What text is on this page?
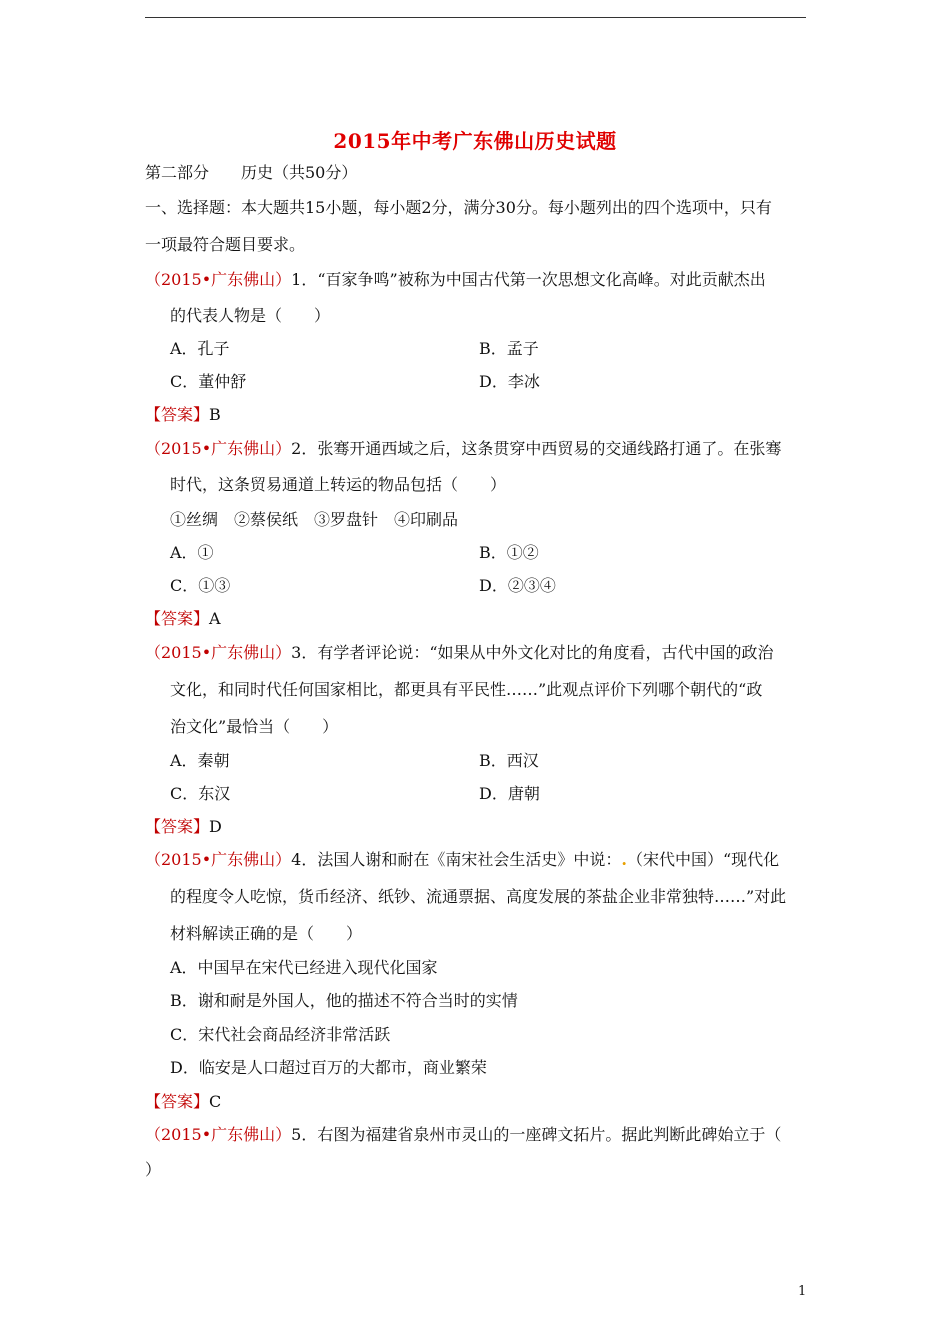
2015年中考广东佛山历史试题
第二部分　　历史（共50分）
一、选择题：本大题共15小题，每小题2分，满分30分。每小题列出的四个选项中，只有
一项最符合题目要求。
（2015•广东佛山）1．“百家争鸣”被称为中国古代第一次思想文化高峰。对此贡献杰出
的代表人物是（　　）
A．孔子	B．孟子
C．董仲舒	D．李冰
【答案】B
（2015•广东佛山）2．张骞开通西域之后，这条贯穿中西贸易的交通线路打通了。在张骞
时代，这条贸易通道上转运的物品包括（　　）
①丝绸　②蔡侯纸　③罗盘针　④印刷品
A．①	B．①②
C．①③	D．②③④
【答案】A
（2015•广东佛山）3．有学者评论说：“如果从中外文化对比的角度看，古代中国的政治
文化，和同时代任何国家相比，都更具有平民性……”此观点评价下列哪个朝代的“政
治文化”最恰当（　　）
A．秦朝	B．西汉
C．东汉	D．唐朝
【答案】D
（2015•广东佛山）4．法国人谢和耐在《南宋社会生活史》中说：.（宋代中国）“现代化
的程度令人吃惊，货币经济、纸钞、流通票据、高度发展的茶盐企业非常独特……”对此
材料解读正确的是（　　）
A．中国早在宋代已经进入现代化国家
B．谢和耐是外国人，他的描述不符合当时的实情
C．宋代社会商品经济非常活跃
D．临安是人口超过百万的大都市，商业繁荣
【答案】C
（2015•广东佛山）5．右图为福建省泉州市灵山的一座碑文拓片。据此判断此碑始立于（
）
1
